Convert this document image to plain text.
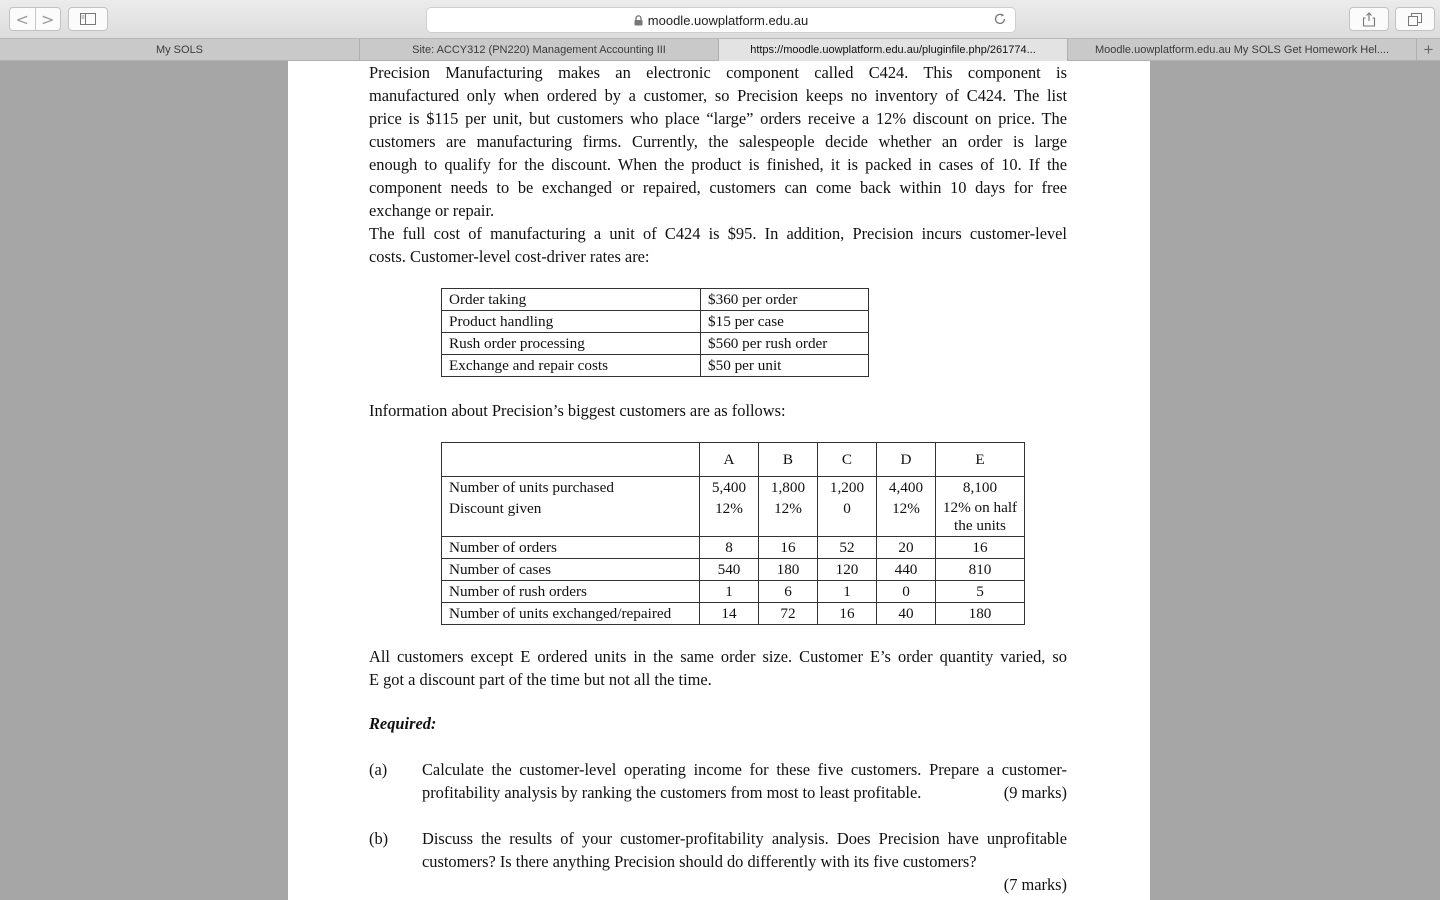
< >	moodle.uowplatform.edu.au
My SOLS	Site: ACCY312 (PN220) Management Accounting III	https://moodle.uowplatform.edu.au/pluginfile.php/261774...	Moodle.uowplatform.edu.au My SOLS Get Homework Hel.... +
Precision Manufacturing makes an electronic component called C424. This component is
manufactured only when ordered by a customer, so Precision keeps no inventory of C424. The list
price is $115 per unit, but customers who place “large” orders receive a 12% discount on price. The
customers are manufacturing firms. Currently, the salespeople decide whether an order is large
enough to qualify for the discount. When the product is finished, it is packed in cases of 10. If the
component needs to be exchanged or repaired, customers can come back within 10 days for free
exchange or repair.
The full cost of manufacturing a unit of C424 is $95. In addition, Precision incurs customer-level
costs. Customer-level cost-driver rates are:
Order taking	$360 per order
Product handling	$15 per case
Rush order processing	$560 per rush order
Exchange and repair costs	$50 per unit
Information about Precision’s biggest customers are as follows:
	A	B	C	D	E
Number of units purchased	5,400	1,800	1,200	4,400	8,100
Discount given	12%	12%	0	12%	12% on half the units
Number of orders	8	16	52	20	16
Number of cases	540	180	120	440	810
Number of rush orders	1	6	1	0	5
Number of units exchanged/repaired	14	72	16	40	180
All customers except E ordered units in the same order size. Customer E’s order quantity varied, so
E got a discount part of the time but not all the time.
Required:
(a) Calculate the customer-level operating income for these five customers. Prepare a customer-
profitability analysis by ranking the customers from most to least profitable.	(9 marks)
(b) Discuss the results of your customer-profitability analysis. Does Precision have unprofitable
customers? Is there anything Precision should do differently with its five customers?
(7 marks)
